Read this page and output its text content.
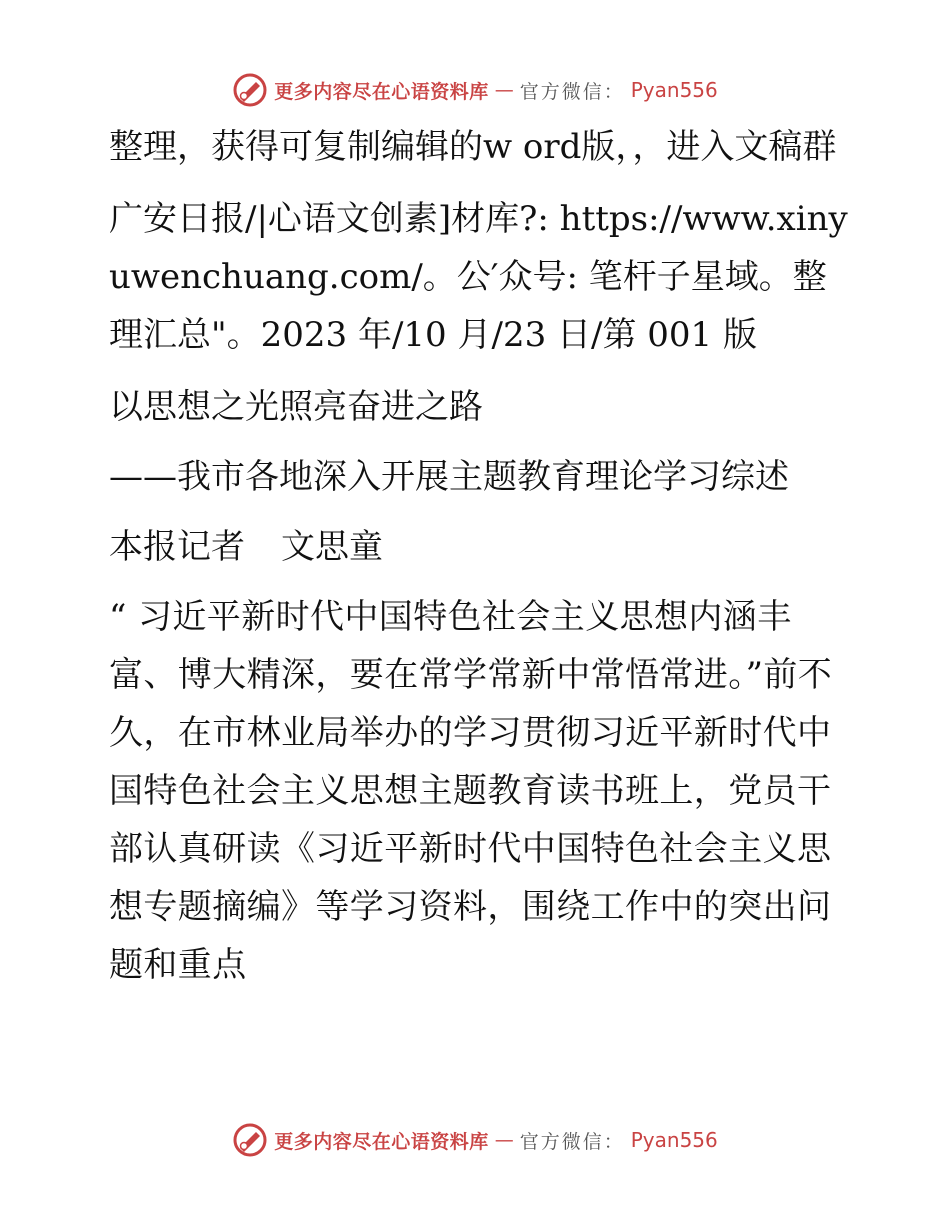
更多内容尽在心语资料库 — 官方微信： Pyan556

整理，获得可复制编辑的w ord版，，进入文稿群

广安日报/|心语文创素]材库?: https://www.xinyuwenchuang.com/。公′众号: 笔杆子星域。整理汇总"。2023 年/10 月/23 日/第 001 版

以思想之光照亮奋进之路

——我市各地深入开展主题教育理论学习综述

本报记者 文思童

“ 习近平新时代中国特色社会主义思想内涵丰富、博大精深，要在常学常新中常悟常进。”前不久，在市林业局举办的学习贯彻习近平新时代中国特色社会主义思想主题教育读书班上，党员干部认真研读《习近平新时代中国特色社会主义思想专题摘编》等学习资料，围绕工作中的突出问题和重点

更多内容尽在心语资料库 — 官方微信： Pyan556
